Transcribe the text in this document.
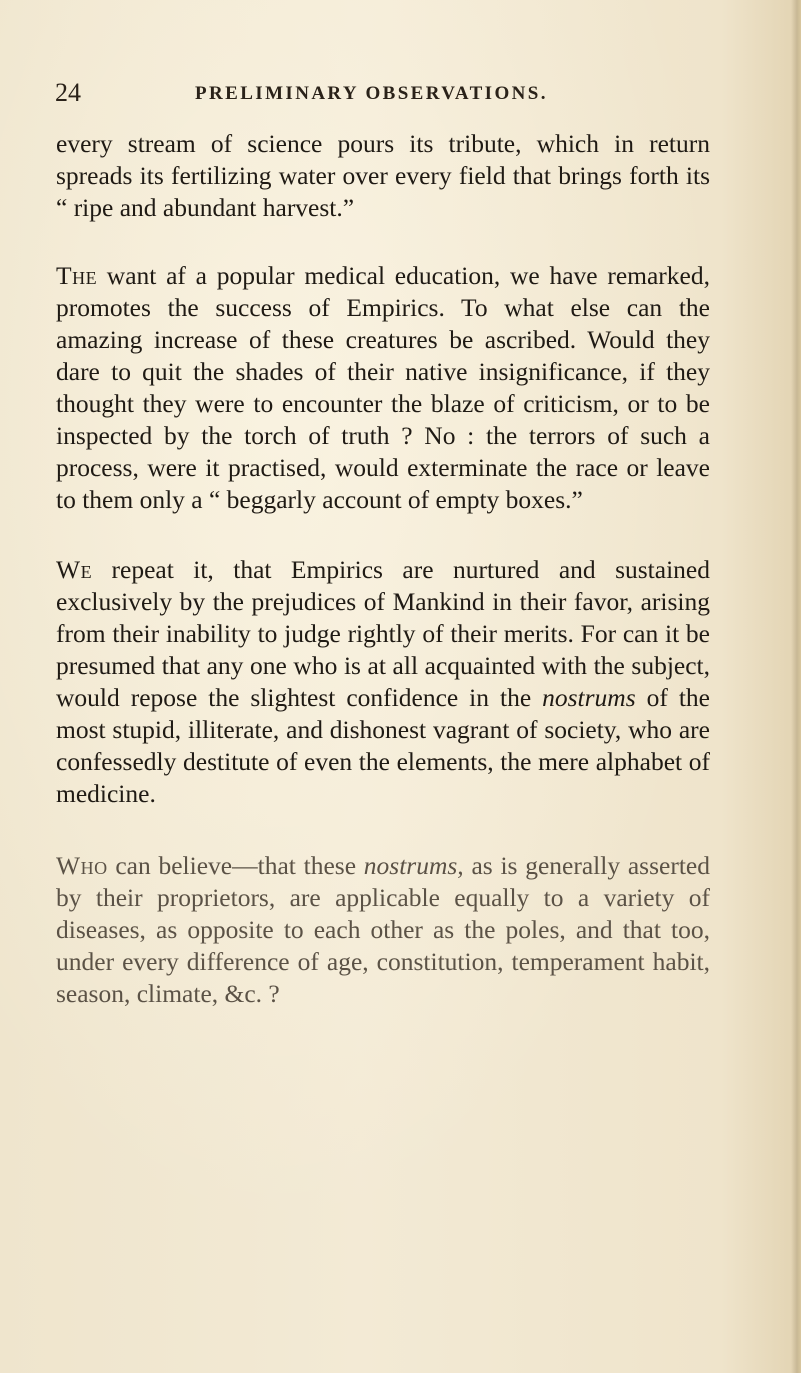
24	PRELIMINARY OBSERVATIONS.

every stream of science pours its tribute, which in return spreads its fertilizing water over every field that brings forth its “ ripe and abundant harvest.”

The want af a popular medical education, we have remarked, promotes the success of Empirics. To what else can the amazing increase of these creatures be ascribed. Would they dare to quit the shades of their native insignificance, if they thought they were to encounter the blaze of criticism, or to be inspected by the torch of truth ? No : the terrors of such a process, were it practised, would exterminate the race or leave to them only a “ beggarly account of empty boxes.”

We repeat it, that Empirics are nurtured and sustained exclusively by the prejudices of Mankind in their favor, arising from their inability to judge rightly of their merits. For can it be presumed that any one who is at all acquainted with the subject, would repose the slightest confidence in the nostrums of the most stupid, illiterate, and dishonest vagrant of society, who are confessedly destitute of even the elements, the mere alphabet of medicine.

Who can believe—that these nostrums, as is generally asserted by their proprietors, are applicable equally to a variety of diseases, as opposite to each other as the poles, and that too, under every difference of age, constitution, temperament habit, season, climate, &c. ?
